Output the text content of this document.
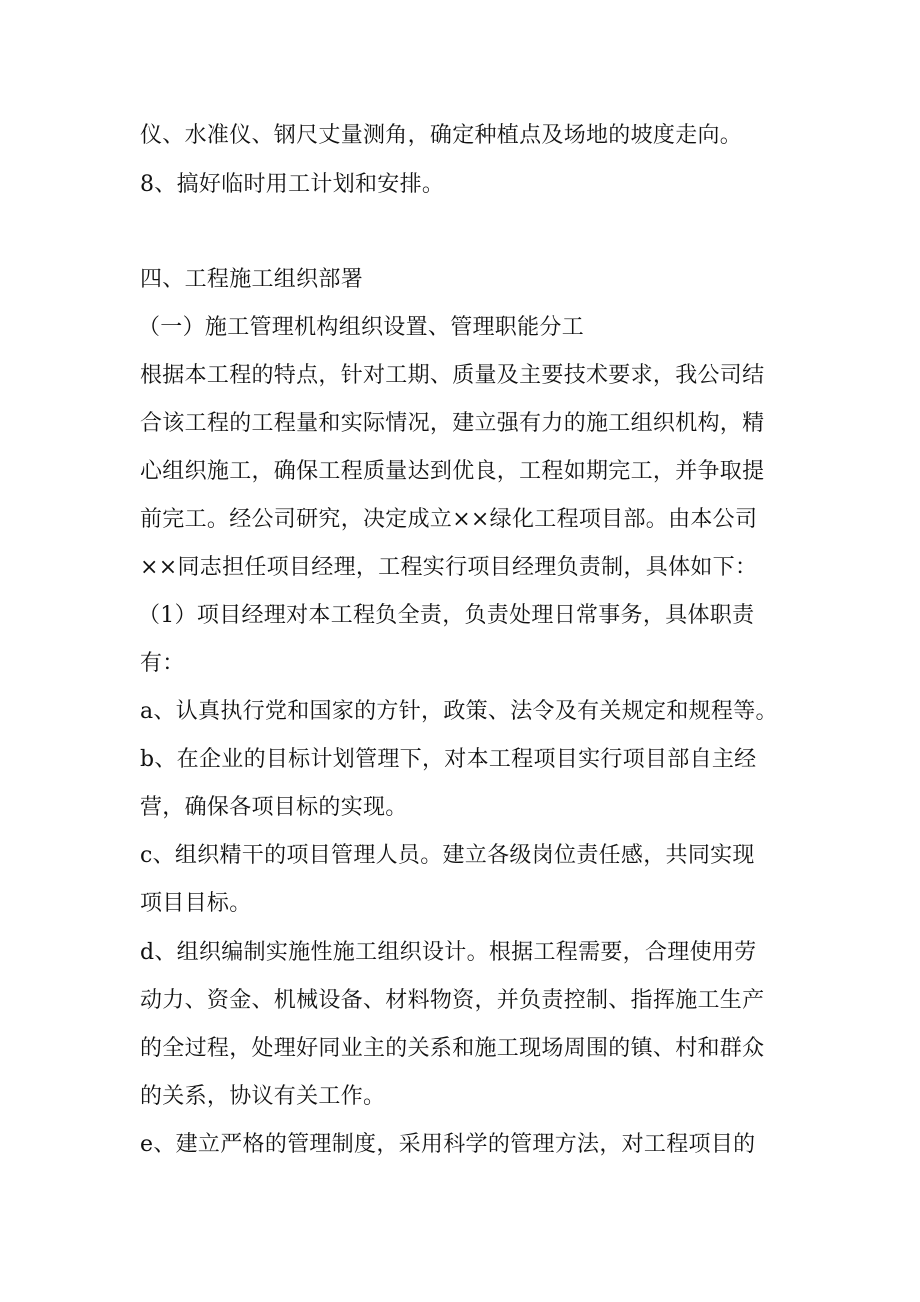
仪、水准仪、钢尺丈量测角，确定种植点及场地的坡度走向。
8、搞好临时用工计划和安排。
四、工程施工组织部署
（一）施工管理机构组织设置、管理职能分工
根据本工程的特点，针对工期、质量及主要技术要求，我公司结
合该工程的工程量和实际情况，建立强有力的施工组织机构，精
心组织施工，确保工程质量达到优良，工程如期完工，并争取提
前完工。经公司研究，决定成立××绿化工程项目部。由本公司
××同志担任项目经理，工程实行项目经理负责制，具体如下：
（1）项目经理对本工程负全责，负责处理日常事务，具体职责
有：
a、认真执行党和国家的方针，政策、法令及有关规定和规程等。
b、在企业的目标计划管理下，对本工程项目实行项目部自主经
营，确保各项目标的实现。
c、组织精干的项目管理人员。建立各级岗位责任感，共同实现
项目目标。
d、组织编制实施性施工组织设计。根据工程需要，合理使用劳
动力、资金、机械设备、材料物资，并负责控制、指挥施工生产
的全过程，处理好同业主的关系和施工现场周围的镇、村和群众
的关系，协议有关工作。
e、建立严格的管理制度，采用科学的管理方法，对工程项目的
